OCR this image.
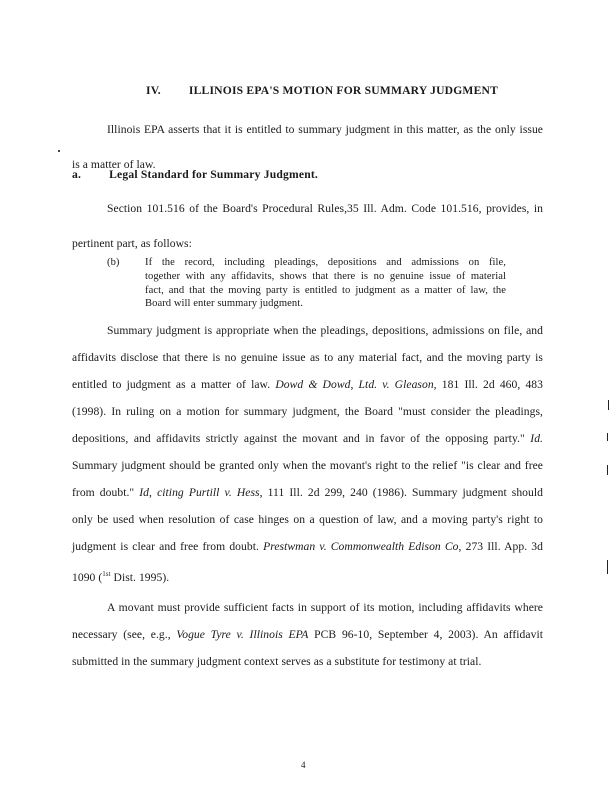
IV. ILLINOIS EPA'S MOTION FOR SUMMARY JUDGMENT
Illinois EPA asserts that it is entitled to summary judgment in this matter, as the only issue
is a matter of law.
a. Legal Standard for Summary Judgment.
Section 101.516 of the Board's Procedural Rules,35 Ill. Adm. Code 101.516, provides, in
pertinent part, as follows:
(b) If the record, including pleadings, depositions and admissions on file,
together with any affidavits, shows that there is no genuine issue of material
fact, and that the moving party is entitled to judgment as a matter of law, the
Board will enter summary judgment.
Summary judgment is appropriate when the pleadings, depositions, admissions on file, and
affidavits disclose that there is no genuine issue as to any material fact, and the moving party is
entitled to judgment as a matter of law. Dowd & Dowd, Ltd. v. Gleason, 181 Ill. 2d 460, 483
(1998). In ruling on a motion for summary judgment, the Board "must consider the pleadings,
depositions, and affidavits strictly against the movant and in favor of the opposing party." Id.
Summary judgment should be granted only when the movant's right to the relief "is clear and free
from doubt." Id, citing Purtill v. Hess, 111 Ill. 2d 299, 240 (1986). Summary judgment should
only be used when resolution of case hinges on a question of law, and a moving party's right to
judgment is clear and free from doubt. Prestwman v. Commonwealth Edison Co, 273 Ill. App. 3d
1090 ($^{1st}$ Dist. 1995).
A movant must provide sufficient facts in support of its motion, including affidavits where
necessary (see, e.g., Vogue Tyre v. Illinois EPA PCB 96-10, September 4, 2003). An affidavit
submitted in the summary judgment context serves as a substitute for testimony at trial.
4
